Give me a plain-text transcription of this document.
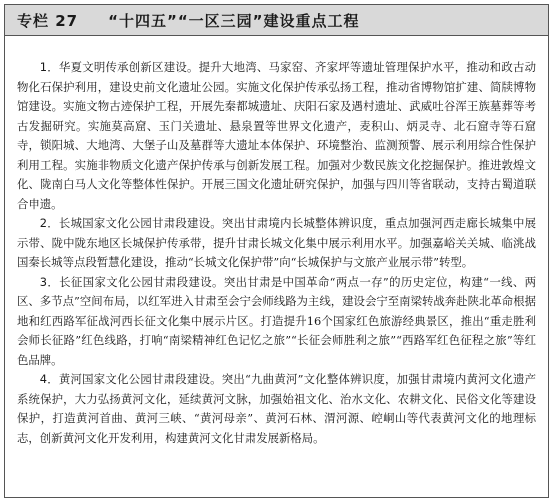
专栏 27 “十四五”“一区三园”建设重点工程

1．华夏文明传承创新区建设。提升大地湾、马家窑、齐家坪等遗址管理保护水平，推动和政古动物化石保护利用，建设史前文化遗址公园。实施文化保护传承弘扬工程，推动省博物馆扩建、简牍博物馆建设。实施文物古迹保护工程，开展先秦都城遗址、庆阳石家及遇村遗址、武威吐谷浑王族墓葬等考古发掘研究。实施莫高窟、玉门关遗址、悬泉置等世界文化遗产，麦积山、炳灵寺、北石窟寺等石窟寺，锁阳城、大地湾、大堡子山及墓群等大遗址本体保护、环境整治、监测预警、展示利用综合性保护利用工程。实施非物质文化遗产保护传承与创新发展工程。加强对少数民族文化挖掘保护。推进敦煌文化、陇南白马人文化等整体性保护。开展三国文化遗址研究保护，加强与四川等省联动，支持古蜀道联合申遗。

2．长城国家文化公园甘肃段建设。突出甘肃境内长城整体辨识度，重点加强河西走廊长城集中展示带、陇中陇东地区长城保护传承带，提升甘肃长城文化集中展示利用水平。加强嘉峪关关城、临洮战国秦长城等点段暂慧化建设，推动“长城文化保护带”向“长城保护与文旅产业展示带”转型。

3．长征国家文化公园甘肃段建设。突出甘肃是中国革命“两点一存”的历史定位，构建“一线、两区、多节点”空间布局，以红军进入甘肃至会宁会师线路为主线，建设会宁至南梁转战奔赴陕北革命根据地和红西路军征战河西长征文化集中展示片区。打造提升16个国家红色旅游经典景区，推出“重走胜利会师长征路”红色线路，打响“南梁精神红色记忆之旅”“长征会师胜利之旅”“西路军红色征程之旅”等红色品牌。

4．黄河国家文化公园甘肃段建设。突出“九曲黄河”文化整体辨识度，加强甘肃境内黄河文化遗产系统保护，大力弘扬黄河文化，延续黄河文脉，加强始祖文化、治水文化、农耕文化、民俗文化等建设保护，打造黄河首曲、黄河三峡、“黄河母亲”、黄河石林、渭河源、崆峒山等代表黄河文化的地理标志，创新黄河文化开发利用，构建黄河文化甘肃发展新格局。
